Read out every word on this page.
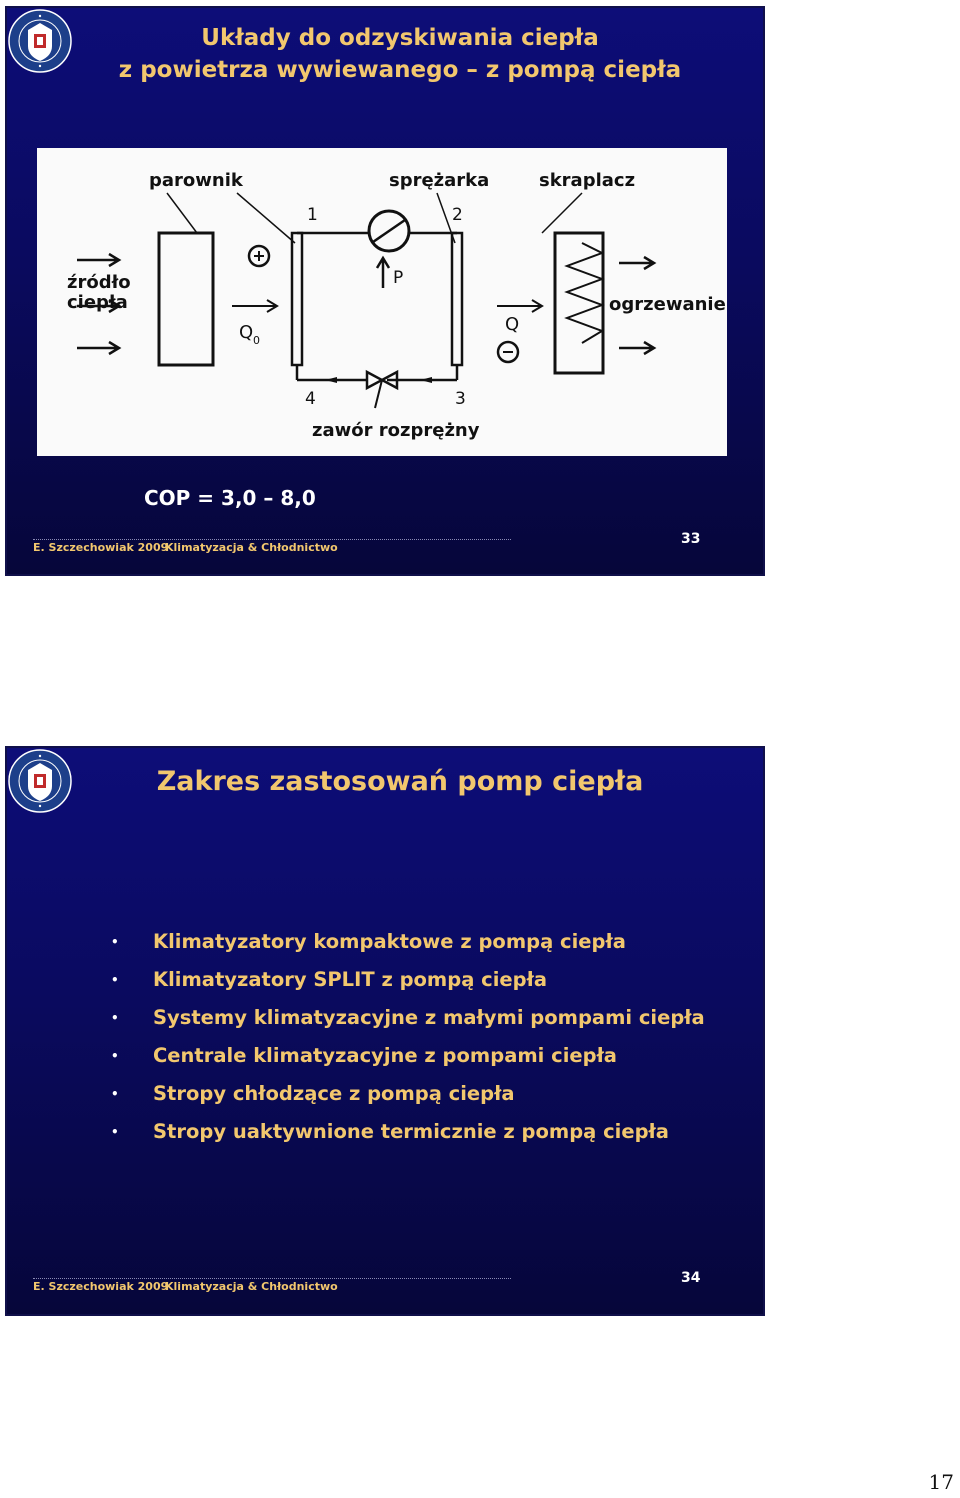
Układy do odzyskiwania ciepła
z powietrza wywiewanego – z pompą ciepła
parownik	sprężarka	skraplacz
źródło
ciepła	ogrzewanie
zawór rozprężny
1	2
3
4
P
Q 0
Q
COP = 3,0 – 8,0
E. Szczechowiak 2009
Klimatyzacja & Chłodnictwo
33
Zakres zastosowań pomp ciepła
• Klimatyzatory kompaktowe z pompą ciepła
• Klimatyzatory SPLIT z pompą ciepła
• Systemy klimatyzacyjne z małymi pompami ciepła
• Centrale klimatyzacyjne z pompami ciepła
• Stropy chłodzące z pompą ciepła
• Stropy uaktywnione termicznie z pompą ciepła
E. Szczechowiak 2009
Klimatyzacja & Chłodnictwo
34
17
